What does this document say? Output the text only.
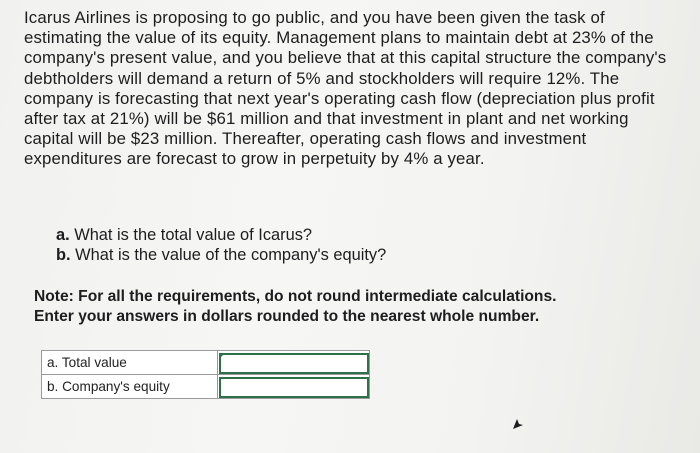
Icarus Airlines is proposing to go public, and you have been given the task of estimating the value of its equity. Management plans to maintain debt at 23% of the company's present value, and you believe that at this capital structure the company's debtholders will demand a return of 5% and stockholders will require 12%. The company is forecasting that next year's operating cash flow (depreciation plus profit after tax at 21%) will be $61 million and that investment in plant and net working capital will be $23 million. Thereafter, operating cash flows and investment expenditures are forecast to grow in perpetuity by 4% a year.

a. What is the total value of Icarus?
b. What is the value of the company's equity?

Note: For all the requirements, do not round intermediate calculations.
Enter your answers in dollars rounded to the nearest whole number.

a. Total value	

b. Company's equity	
